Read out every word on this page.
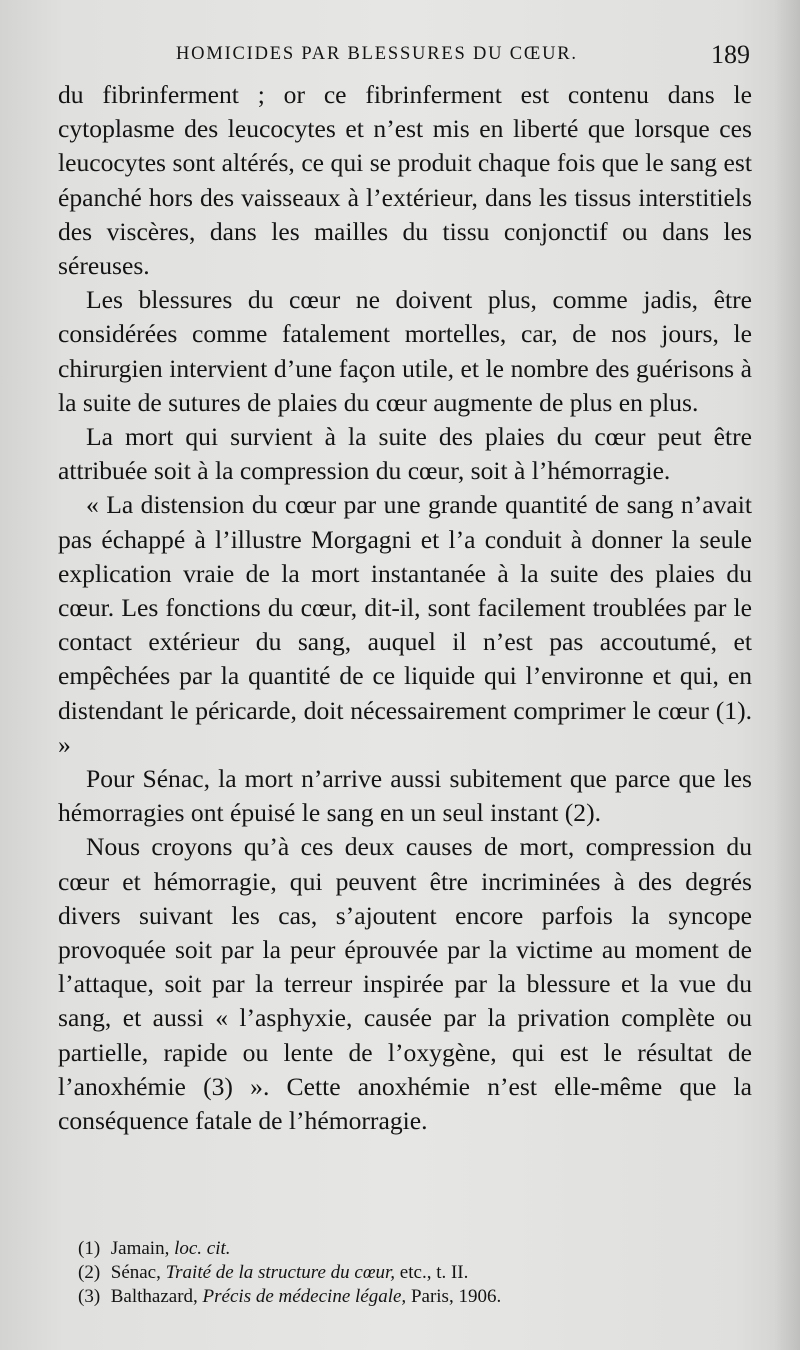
HOMICIDES PAR BLESSURES DU CŒUR.	189

du fibrinferment ; or ce fibrinferment est contenu dans le cytoplasme des leucocytes et n’est mis en liberté que lorsque ces leucocytes sont altérés, ce qui se produit chaque fois que le sang est épanché hors des vaisseaux à l’extérieur, dans les tissus interstitiels des viscères, dans les mailles du tissu conjonctif ou dans les séreuses.

Les blessures du cœur ne doivent plus, comme jadis, être considérées comme fatalement mortelles, car, de nos jours, le chirurgien intervient d’une façon utile, et le nombre des guérisons à la suite de sutures de plaies du cœur augmente de plus en plus.

La mort qui survient à la suite des plaies du cœur peut être attribuée soit à la compression du cœur, soit à l’hémorragie.

« La distension du cœur par une grande quantité de sang n’avait pas échappé à l’illustre Morgagni et l’a conduit à donner la seule explication vraie de la mort instantanée à la suite des plaies du cœur. Les fonctions du cœur, dit-il, sont facilement troublées par le contact extérieur du sang, auquel il n’est pas accoutumé, et empêchées par la quantité de ce liquide qui l’environne et qui, en distendant le péricarde, doit nécessairement comprimer le cœur (1). »

Pour Sénac, la mort n’arrive aussi subitement que parce que les hémorragies ont épuisé le sang en un seul instant (2).

Nous croyons qu’à ces deux causes de mort, compression du cœur et hémorragie, qui peuvent être incriminées à des degrés divers suivant les cas, s’ajoutent encore parfois la syncope provoquée soit par la peur éprouvée par la victime au moment de l’attaque, soit par la terreur inspirée par la blessure et la vue du sang, et aussi « l’asphyxie, causée par la privation complète ou partielle, rapide ou lente de l’oxygène, qui est le résultat de l’anoxhémie (3) ». Cette anoxhémie n’est elle-même que la conséquence fatale de l’hémorragie.

(1) Jamain, loc. cit.
(2) Sénac, Traité de la structure du cœur, etc., t. II.
(3) Balthazard, Précis de médecine légale, Paris, 1906.
